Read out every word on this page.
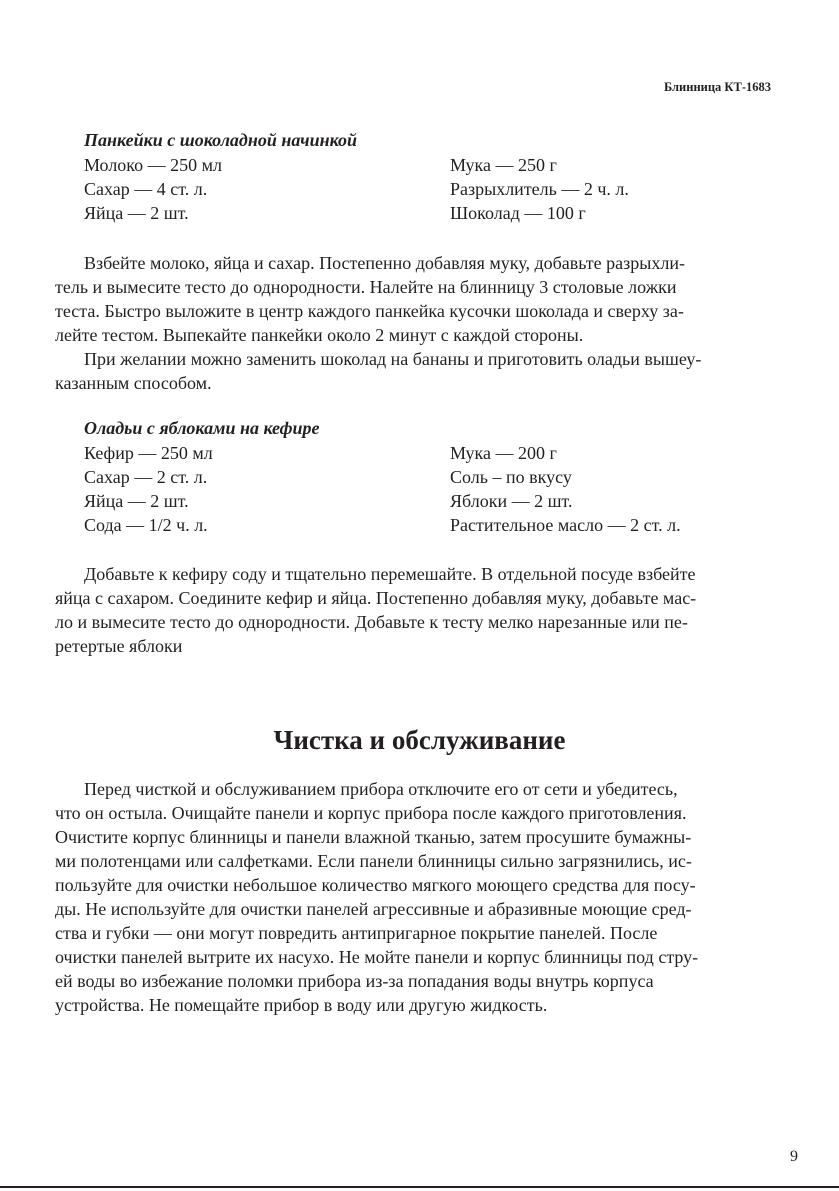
Блинница КТ-1683
Панкейки с шоколадной начинкой
Молоко — 250 мл	Мука — 250 г
Сахар — 4 ст. л.	Разрыхлитель — 2 ч. л.
Яйца — 2 шт.	Шоколад — 100 г
Взбейте молоко, яйца и сахар. Постепенно добавляя муку, добавьте разрыхли-
тель и вымесите тесто до однородности. Налейте на блинницу 3 столовые ложки
теста. Быстро выложите в центр каждого панкейка кусочки шоколада и сверху за-
лейте тестом. Выпекайте панкейки около 2 минут с каждой стороны.
При желании можно заменить шоколад на бананы и приготовить оладьи вышеу-
казанным способом.
Оладьи с яблоками на кефире
Кефир — 250 мл	Мука — 200 г
Сахар — 2 ст. л.	Соль – по вкусу
Яйца — 2 шт.	Яблоки — 2 шт.
Сода — 1/2 ч. л.	Растительное масло — 2 ст. л.
Добавьте к кефиру соду и тщательно перемешайте. В отдельной посуде взбейте
яйца с сахаром. Соедините кефир и яйца. Постепенно добавляя муку, добавьте мас-
ло и вымесите тесто до однородности. Добавьте к тесту мелко нарезанные или пе-
ретертые яблоки
Чистка и обслуживание
Перед чисткой и обслуживанием прибора отключите его от сети и убедитесь,
что он остыла. Очищайте панели и корпус прибора после каждого приготовления.
Очистите корпус блинницы и панели влажной тканью, затем просушите бумажны-
ми полотенцами или салфетками. Если панели блинницы сильно загрязнились, ис-
пользуйте для очистки небольшое количество мягкого моющего средства для посу-
ды. Не используйте для очистки панелей агрессивные и абразивные моющие сред-
ства и губки — они могут повредить антипригарное покрытие панелей. После
очистки панелей вытрите их насухо. Не мойте панели и корпус блинницы под стру-
ей воды во избежание поломки прибора из-за попадания воды внутрь корпуса
устройства. Не помещайте прибор в воду или другую жидкость.
9
